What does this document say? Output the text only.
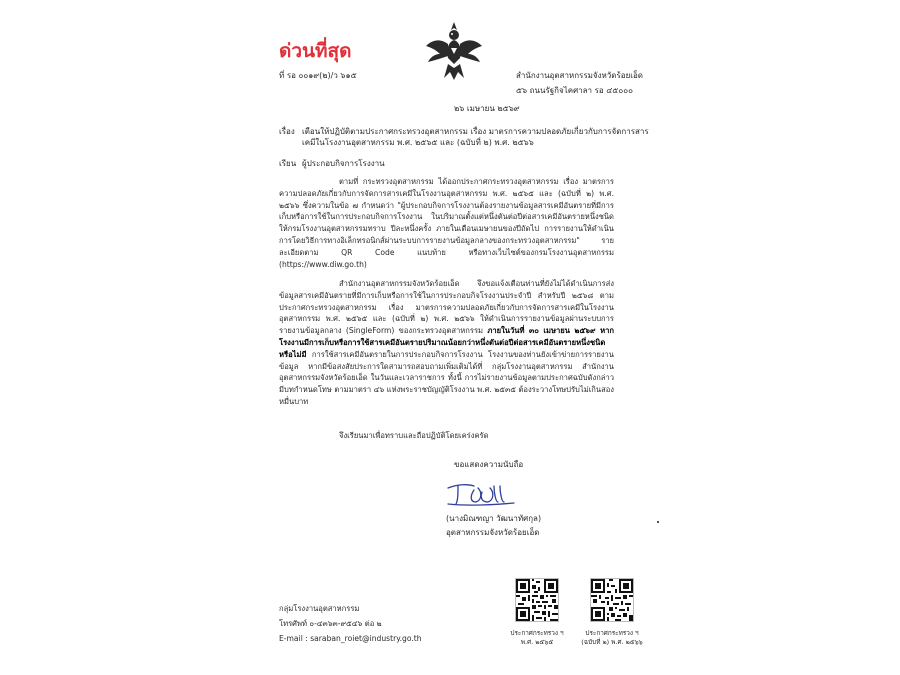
ด่วนที่สุด

ที่ รอ ๐๐๑๙(๒)/ว ๖๑๕	สำนักงานอุตสาหกรรมจังหวัดร้อยเอ็ด

๕๖ ถนนรัฐกิจไคศาลา รอ ๔๕๐๐๐

๒๖ เมษายน ๒๕๖๙

เรื่อง เตือนให้ปฏิบัติตามประกาศกระทรวงอุตสาหกรรม เรื่อง มาตรการความปลอดภัยเกี่ยวกับการจัดการสารเคมีในโรงงานอุตสาหกรรม พ.ศ. ๒๕๖๕ และ (ฉบับที่ ๒) พ.ศ. ๒๕๖๖

เรียน ผู้ประกอบกิจการโรงงาน

ตามที่ กระทรวงอุตสาหกรรม ได้ออกประกาศกระทรวงอุตสาหกรรม เรื่อง มาตรการความปลอดภัยเกี่ยวกับการจัดการสารเคมีในโรงงานอุตสาหกรรม พ.ศ. ๒๕๖๕ และ (ฉบับที่ ๒) พ.ศ. ๒๕๖๖ ซึ่งความในข้อ ๗ กำหนดว่า "ผู้ประกอบกิจการโรงงานต้องรายงานข้อมูลสารเคมีอันตรายที่มีการเก็บหรือการใช้ในการประกอบกิจการโรงงาน ในปริมาณตั้งแต่หนึ่งตันต่อปีต่อสารเคมีอันตรายหนึ่งชนิดให้กรมโรงงานอุตสาหกรรมทราบ ปีละหนึ่งครั้ง ภายในเดือนเมษายนของปีถัดไป การรายงานให้ดำเนินการโดยวิธีการทางอิเล็กทรอนิกส์ผ่านระบบการรายงานข้อมูลกลางของกระทรวงอุตสาหกรรม" รายละเอียดตาม QR Code แนบท้าย หรือทางเว็บไซต์ของกรมโรงงานอุตสาหกรรม (https://www.diw.go.th)

สำนักงานอุตสาหกรรมจังหวัดร้อยเอ็ด จึงขอแจ้งเตือนท่านที่ยังไม่ได้ดำเนินการส่งข้อมูลสารเคมีอันตรายที่มีการเก็บหรือการใช้ในการประกอบกิจโรงงานประจำปี สำหรับปี ๒๕๖๘ ตามประกาศกระทรวงอุตสาหกรรม เรื่อง มาตรการความปลอดภัยเกี่ยวกับการจัดการสารเคมีในโรงงานอุตสาหกรรม พ.ศ. ๒๕๖๕ และ (ฉบับที่ ๒) พ.ศ. ๒๕๖๖ ให้ดำเนินการรายงานข้อมูลผ่านระบบการรายงานข้อมูลกลาง (SingleForm) ของกระทรวงอุตสาหกรรม ภายในวันที่ ๓๐ เมษายน ๒๕๖๙ หากโรงงานมีการเก็บหรือการใช้สารเคมีอันตรายปริมาณน้อยกว่าหนึ่งตันต่อปีต่อสารเคมีอันตรายหนึ่งชนิด หรือไม่มี การใช้สารเคมีอันตรายในการประกอบกิจการโรงงาน โรงงานของท่านยังเข้าข่ายการรายงานข้อมูล หากมีข้อสงสัยประการใดสามารถสอบถามเพิ่มเติมได้ที่ กลุ่มโรงงานอุตสาหกรรม สำนักงานอุตสาหกรรมจังหวัดร้อยเอ็ด ในวันและเวลาราชการ ทั้งนี้ การไม่รายงานข้อมูลตามประกาศฉบับดังกล่าว มีบทกำหนดโทษ ตามมาตรา ๔๖ แห่งพระราชบัญญัติโรงงาน พ.ศ. ๒๕๓๕ ต้องระวางโทษปรับไม่เกินสองหมื่นบาท

จึงเรียนมาเพื่อทราบและถือปฏิบัติโดยเคร่งครัด

ขอแสดงความนับถือ

(นางมิณฑญา วัฒนาทัศกุล)

อุตสาหกรรมจังหวัดร้อยเอ็ด

ประกาศกระทรวง ฯ
พ.ศ. ๒๕๖๕

ประกาศกระทรวง ฯ
(ฉบับที่ ๒) พ.ศ. ๒๕๖๖

กลุ่มโรงงานอุตสาหกรรม

โทรศัพท์ ๐-๔๓๖๓-๙๕๔๖ ต่อ ๒

E-mail : saraban_roiet@industry.go.th
